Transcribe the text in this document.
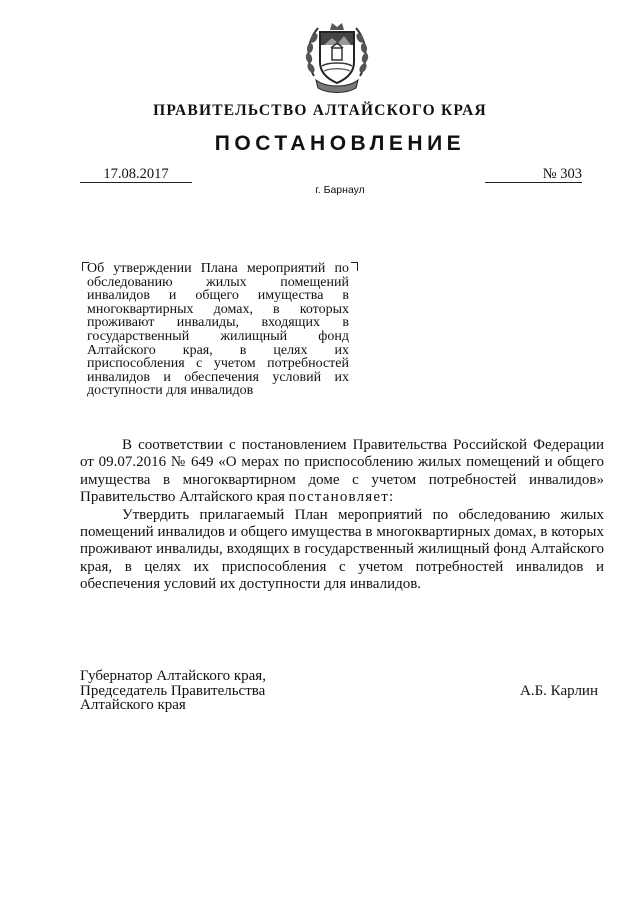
ПРАВИТЕЛЬСТВО АЛТАЙСКОГО КРАЯ
ПОСТАНОВЛЕНИЕ
17.08.2017	№ 303
г. Барнаул
Об утверждении Плана мероприятий по обследованию жилых помещений инвалидов и общего имущества в многоквартирных домах, в которых проживают инвалиды, входящих в государственный жилищный фонд Алтайского края, в целях их приспособления с учетом потребностей инвалидов и обеспечения условий их доступности для инвалидов

В соответствии с постановлением Правительства Российской Федерации от 09.07.2016 № 649 «О мерах по приспособлению жилых помещений и общего имущества в многоквартирном доме с учетом потребностей инвалидов» Правительство Алтайского края постановляет:

Утвердить прилагаемый План мероприятий по обследованию жилых помещений инвалидов и общего имущества в многоквартирных домах, в которых проживают инвалиды, входящих в государственный жилищный фонд Алтайского края, в целях их приспособления с учетом потребностей инвалидов и обеспечения условий их доступности для инвалидов.

Губернатор Алтайского края,
Председатель Правительства
Алтайского края
А.Б. Карлин
